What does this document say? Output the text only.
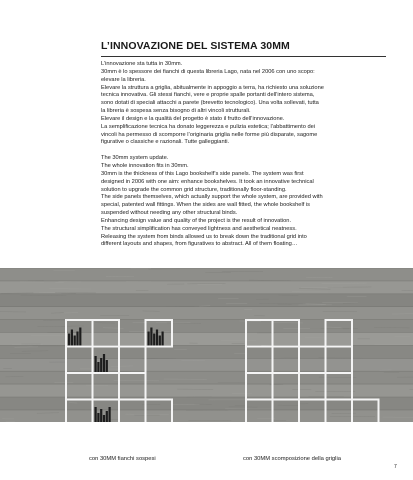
L’INNOVAZIONE DEL SISTEMA 30MM

L’innovazione sta tutta in 30mm.

30mm è lo spessore dei fianchi di questa libreria Lago, nata nel 2006 con uno scopo:

elevare la libreria.

Elevare la struttura a griglia, abitualmente in appoggio a terra, ha richiesto una soluzione

tecnica innovativa. Gli stessi fianchi, vere e proprie spalle portanti dell’intero sistema,

sono dotati di speciali attacchi a parete (brevetto tecnologico). Una volta sollevati, tutta

la libreria è sospesa senza bisogno di altri vincoli strutturali.

Elevare il design e la qualità del progetto è stato il frutto dell’innovazione.

La semplificazione tecnica ha donato leggerezza e pulizia estetica; l’abbattimento dei

vincoli ha permesso di scomporre l’originaria griglia nelle forme più disparate, sagome

figurative o classiche e razionali. Tutte galleggianti.

The 30mm system update.

The whole innovation fits in 30mm.

30mm is the thickness of this Lago bookshelf’s side panels. The system was first

designed in 2006 with one aim: enhance bookshelves. It took an innovative technical

solution to upgrade the common grid structure, traditionally floor-standing.

The side panels themselves, which actually support the whole system, are provided with

special, patented wall fittings. When the sides are wall fitted, the whole bookshelf is

suspended without needing any other structural binds.

Enhancing design value and quality of the project is the result of innovation.

The structural simplification has conveyed lightness and aesthetical neatness.

Releasing the system from binds allowed us to break down the traditional grid into

different layouts and shapes, from figuratives to abstract. All of them floating…

con 30MM fianchi sospesi	con 30MM scomposizione della griglia
7
